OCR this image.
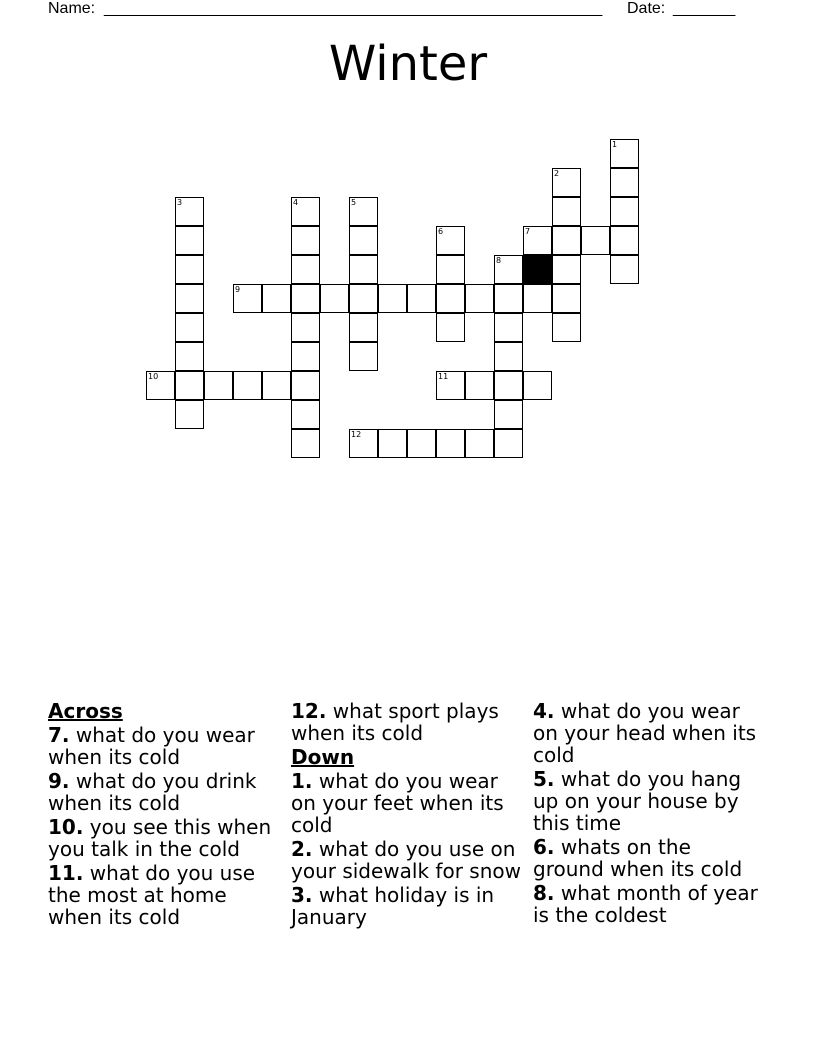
Name: ________________________________________________________ Date: _______
Winter
1
2
3	4	5
6
8
7
9
10	11
12
Across
7. what do you wear when its cold
9. what do you drink when its cold
10. you see this when you talk in the cold
11. what do you use the most at home when its cold
12. what sport plays when its cold
Down
1. what do you wear on your feet when its cold
2. what do you use on your sidewalk for snow
3. what holiday is in January
4. what do you wear on your head when its cold
5. what do you hang up on your house by this time
6. whats on the ground when its cold
8. what month of year is the coldest
